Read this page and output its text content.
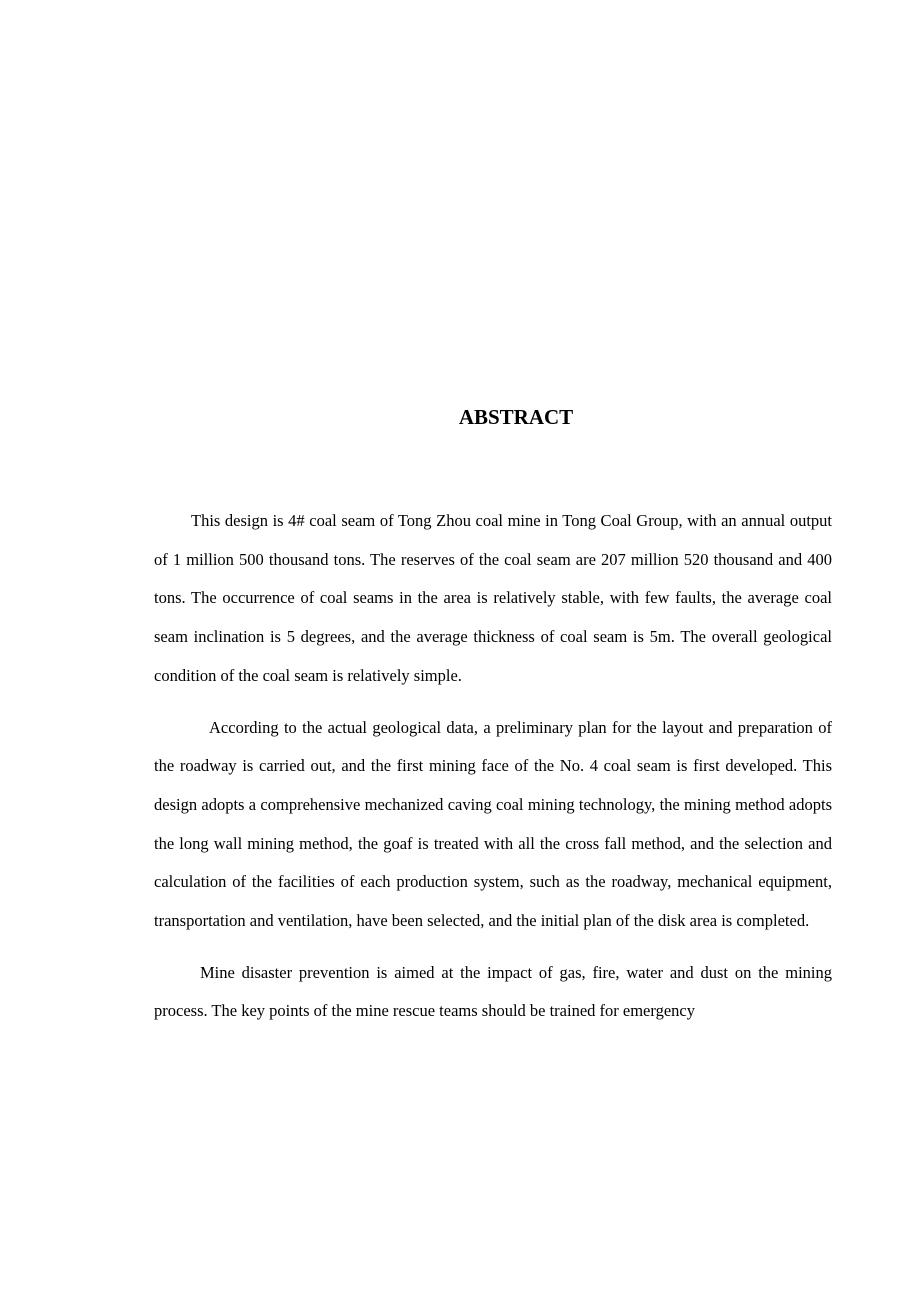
ABSTRACT

This design is 4# coal seam of Tong Zhou coal mine in Tong Coal Group, with an annual output of 1 million 500 thousand tons. The reserves of the coal seam are 207 million 520 thousand and 400 tons. The occurrence of coal seams in the area is relatively stable, with few faults, the average coal seam inclination is 5 degrees, and the average thickness of coal seam is 5m. The overall geological condition of the coal seam is relatively simple.

According to the actual geological data, a preliminary plan for the layout and preparation of the roadway is carried out, and the first mining face of the No. 4 coal seam is first developed. This design adopts a comprehensive mechanized caving coal mining technology, the mining method adopts the long wall mining method, the goaf is treated with all the cross fall method, and the selection and calculation of the facilities of each production system, such as the roadway, mechanical equipment, transportation and ventilation, have been selected, and the initial plan of the disk area is completed.

Mine disaster prevention is aimed at the impact of gas, fire, water and dust on the mining process. The key points of the mine rescue teams should be trained for emergency
